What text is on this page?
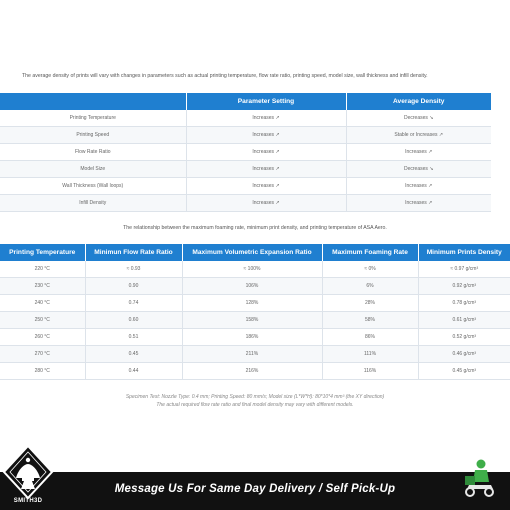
The average density of prints will vary with changes in parameters such as actual printing temperature, flow rate ratio, printing speed, model size, wall thickness and infill density.
	Parameter Setting	Average Density
Printing Temperature	Increases ↗	Decreases ↘
Printing Speed	Increases ↗	Stable or Increases ↗
Flow Rate Ratio	Increases ↗	Increases ↗
Model Size	Increases ↗	Decreases ↘
Wall Thickness (Wall loops)	Increases ↗	Increases ↗
Infill Density	Increases ↗	Increases ↗
The relationship between the maximum foaming rate, minimum print density, and printing temperature of ASA Aero.
Printing Temperature	Minimun Flow Rate Ratio	Maximum Volumetric Expansion Ratio	Maximum Foaming Rate	Minimum Prints Density
220 °C	≈ 0.93	≈ 100%	≈ 0%	≈ 0.97 g/cm³
230 °C	0.90	106%	6%	0.92 g/cm³
240 °C	0.74	128%	28%	0.78 g/cm³
250 °C	0.60	158%	58%	0.61 g/cm³
260 °C	0.51	186%	86%	0.52 g/cm³
270 °C	0.45	211%	111%	0.46 g/cm³
280 °C	0.44	216%	116%	0.45 g/cm³
Specimen Test: Nozzle Type: 0.4 mm; Printing Speed: 80 mm/s; Model size (L*W*H): 80*10*4 mm³ (the XY direction)
The actual required flow rate ratio and final model density may vary with different models.
Message Us For Same Day Delivery / Self Pick-Up
SMITH3D
